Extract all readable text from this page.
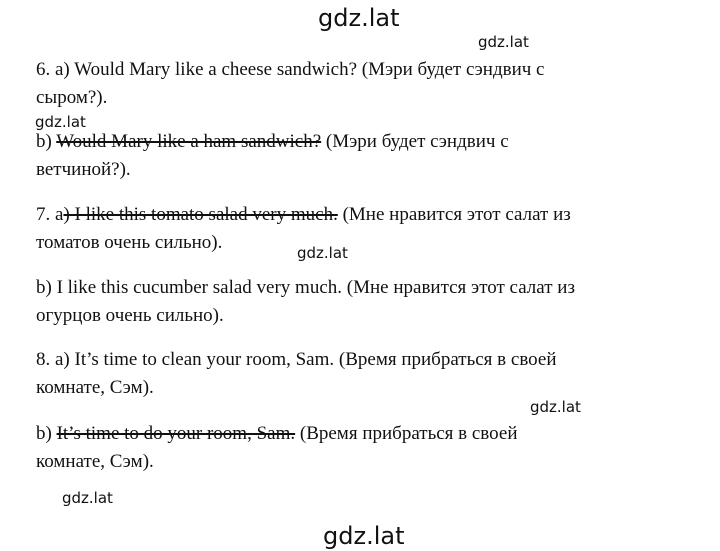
gdz.lat
gdz.lat
gdz.lat
gdz.lat
gdz.lat
gdz.lat
gdz.lat
6. a) Would Mary like a cheese sandwich? (Мэри будет сэндвич с
сыром?).
b) Would Mary like a ham sandwich? (Мэри будет сэндвич с
ветчиной?).
7. a) I like this tomato salad very much. (Мне нравится этот салат из
томатов очень сильно).
b) I like this cucumber salad very much. (Мне нравится этот салат из
огурцов очень сильно).
8. a) It’s time to clean your room, Sam. (Время прибраться в своей
комнате, Сэм).
b) It’s time to do your room, Sam. (Время прибраться в своей
комнате, Сэм).
